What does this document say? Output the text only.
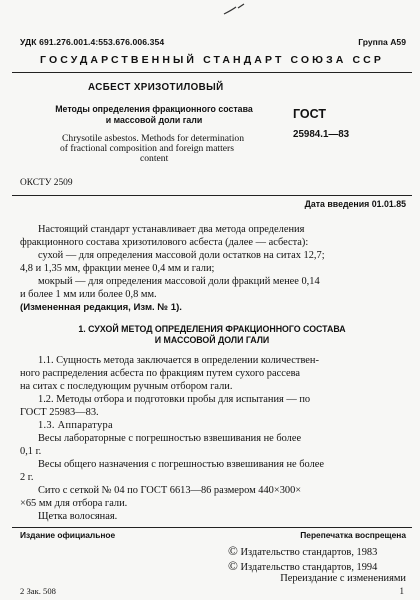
УДК 691.276.001.4:553.676.006.354	Группа А59
ГОСУДАРСТВЕННЫЙ СТАНДАРТ СОЮЗА ССР
АСБЕСТ ХРИЗОТИЛОВЫЙ
Методы определения фракционного состава
и массовой доли гали
Chrysotile asbestos. Methods for determination
of fractional composition and foreign matters
content
ГОСТ
25984.1—83
ОКСТУ 2509
Дата введения 01.01.85
Настоящий стандарт устанавливает два метода определения
фракционного состава хризотилового асбеста (далее — асбеста):
сухой — для определения массовой доли остатков на ситах 12,7;
4,8 и 1,35 мм, фракции менее 0,4 мм и гали;
мокрый — для определения массовой доли фракций менее 0,14
и более 1 мм или более 0,8 мм.
(Измененная редакция, Изм. № 1).
1. СУХОЙ МЕТОД ОПРЕДЕЛЕНИЯ ФРАКЦИОННОГО СОСТАВА
И МАССОВОЙ ДОЛИ ГАЛИ
1.1. Сущность метода заключается в определении количествен-
ного распределения асбеста по фракциям путем сухого рассева
на ситах с последующим ручным отбором гали.
1.2. Методы отбора и подготовки пробы для испытания — по
ГОСТ 25983—83.
1.3. Аппаратура
Весы лабораторные с погрешностью взвешивания не более
0,1 г.
Весы общего назначения с погрешностью взвешивания не более
2 г.
Сито с сеткой № 04 по ГОСТ 6613—86 размером 440×300×
×65 мм для отбора гали.
Щетка волосяная.
Издание официальное	Перепечатка воспрещена
© Издательство стандартов, 1983
© Издательство стандартов, 1994
Переиздание с изменениями
2 Зак. 508	1
